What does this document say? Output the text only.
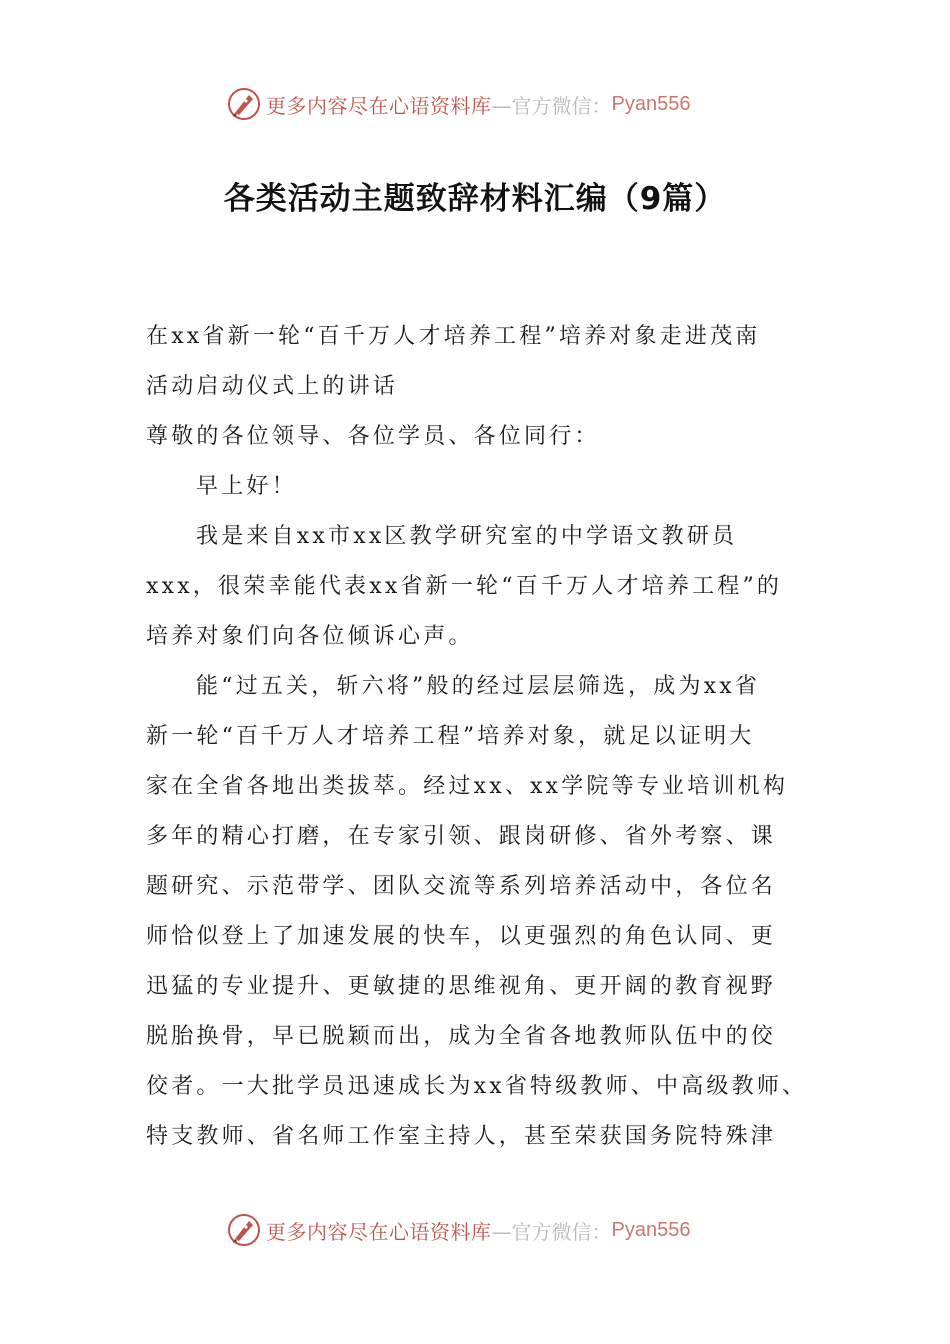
更多内容尽在心语资料库 —官方微信： Pyan556
各类活动主题致辞材料汇编（9篇）
在xx省新一轮“百千万人才培养工程”培养对象走进茂南
活动启动仪式上的讲话
尊敬的各位领导、各位学员、各位同行：
早上好！
我是来自xx市xx区教学研究室的中学语文教研员
xxx，很荣幸能代表xx省新一轮“百千万人才培养工程”的
培养对象们向各位倾诉心声。
能“过五关，斩六将”般的经过层层筛选，成为xx省
新一轮“百千万人才培养工程”培养对象，就足以证明大
家在全省各地出类拔萃。经过xx、xx学院等专业培训机构
多年的精心打磨，在专家引领、跟岗研修、省外考察、课
题研究、示范带学、团队交流等系列培养活动中，各位名
师恰似登上了加速发展的快车，以更强烈的角色认同、更
迅猛的专业提升、更敏捷的思维视角、更开阔的教育视野
脱胎换骨，早已脱颖而出，成为全省各地教师队伍中的佼
佼者。一大批学员迅速成长为xx省特级教师、中高级教师、
特支教师、省名师工作室主持人，甚至荣获国务院特殊津
更多内容尽在心语资料库 —官方微信： Pyan556
